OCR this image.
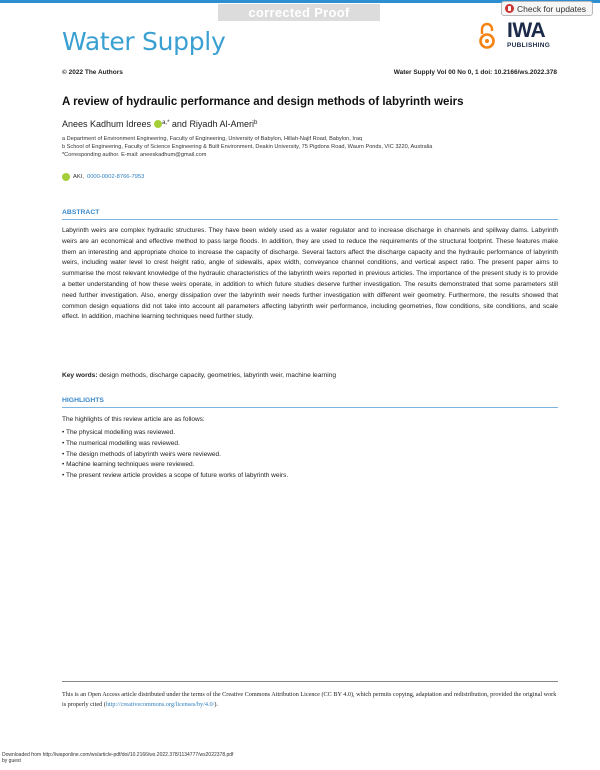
corrected Proof	Check for updates
Water Supply	IWA
PUBLISHING
© 2022 The Authors	Water Supply Vol 00 No 0, 1 doi: 10.2166/ws.2022.378
A review of hydraulic performance and design methods of labyrinth weirs
Anees Kadhum Idrees $^{a,*}$ and Riyadh Al-Ameri$^b$
a Department of Environment Engineering, Faculty of Engineering, University of Babylon, Hillah-Najif Road, Babylon, Iraq
b School of Engineering, Faculty of Science Engineering & Built Environment, Deakin University, 75 Pigdons Road, Waurn Ponds, VIC 3220, Australia
*Corresponding author. E-mail: aneeskadhum@gmail.com
AKI, 0000-0002-8766-7953
ABSTRACT
Labyrinth weirs are complex hydraulic structures. They have been widely used as a water regulator and to increase discharge in channels and spillway dams. Labyrinth weirs are an economical and effective method to pass large floods. In addition, they are used to reduce the requirements of the structural footprint. These features make them an interesting and appropriate choice to increase the capacity of discharge. Several factors affect the discharge capacity and the hydraulic performance of labyrinth weirs, including water level to crest height ratio, angle of sidewalls, apex width, conveyance channel conditions, and vertical aspect ratio. The present paper aims to summarise the most relevant knowledge of the hydraulic characteristics of the labyrinth weirs reported in previous articles. The importance of the present study is to provide a better understanding of how these weirs operate, in addition to which future studies deserve further investigation. The results demonstrated that some parameters still need further investigation. Also, energy dissipation over the labyrinth weir needs further investigation with different weir geometry. Furthermore, the results showed that common design equations did not take into account all parameters affecting labyrinth weir performance, including geometries, flow conditions, site conditions, and scale effect. In addition, machine learning techniques need further study.
Key words: design methods, discharge capacity, geometries, labyrinth weir, machine learning
HIGHLIGHTS
The highlights of this review article are as follows:
• The physical modelling was reviewed.
• The numerical modelling was reviewed.
• The design methods of labyrinth weirs were reviewed.
• Machine learning techniques were reviewed.
• The present review article provides a scope of future works of labyrinth weirs.
This is an Open Access article distributed under the terms of the Creative Commons Attribution Licence (CC BY 4.0), which permits copying, adaptation and redistribution, provided the original work is properly cited (http://creativecommons.org/licenses/by/4.0/).
Downloaded from http://iwaponline.com/ws/article-pdf/doi/10.2166/ws.2022.378/1134777/ws2022378.pdf
by guest
